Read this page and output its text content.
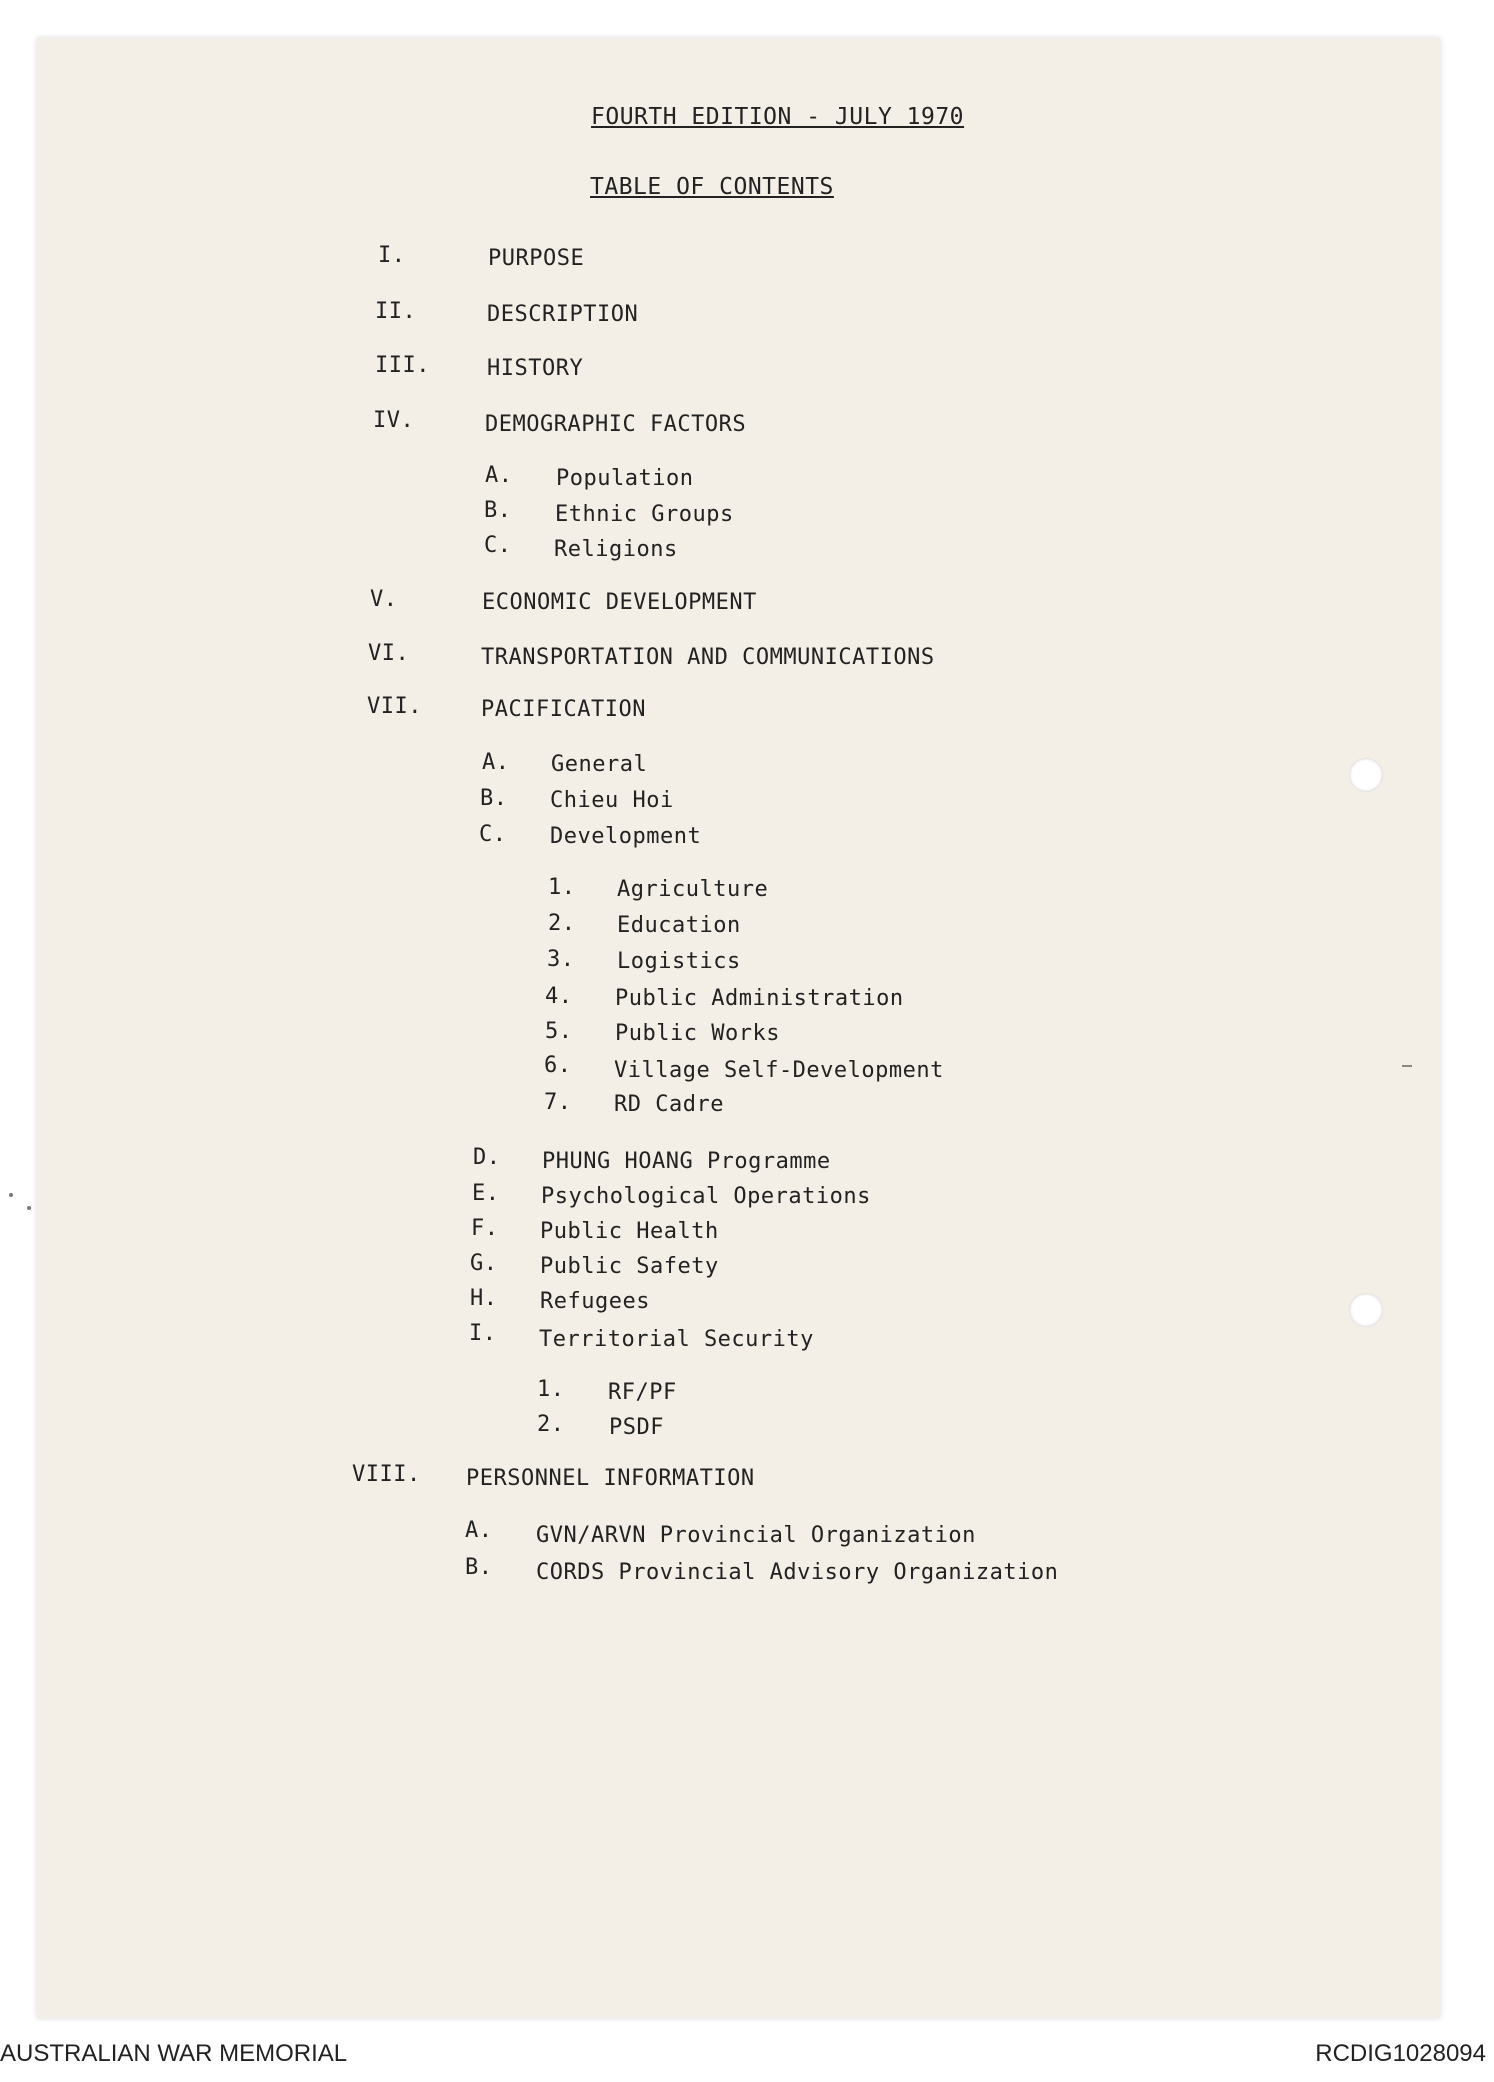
FOURTH EDITION - JULY 1970
TABLE OF CONTENTS
I.	PURPOSE
II.	DESCRIPTION
III.	HISTORY
IV.	DEMOGRAPHIC FACTORS
A. Population
B. Ethnic Groups
C. Religions
V.	ECONOMIC DEVELOPMENT
VI.	TRANSPORTATION AND COMMUNICATIONS
VII.	PACIFICATION
A. General
B. Chieu Hoi
C. Development
1. Agriculture
2. Education
3. Logistics
4. Public Administration
5. Public Works
6. Village Self-Development
7. RD Cadre
D. PHUNG HOANG Programme
E. Psychological Operations
F. Public Health
G. Public Safety
H. Refugees
I. Territorial Security
1. RF/PF
2. PSDF
VIII. PERSONNEL INFORMATION
A. GVN/ARVN Provincial Organization
B. CORDS Provincial Advisory Organization
AUSTRALIAN WAR MEMORIAL	RCDIG1028094
